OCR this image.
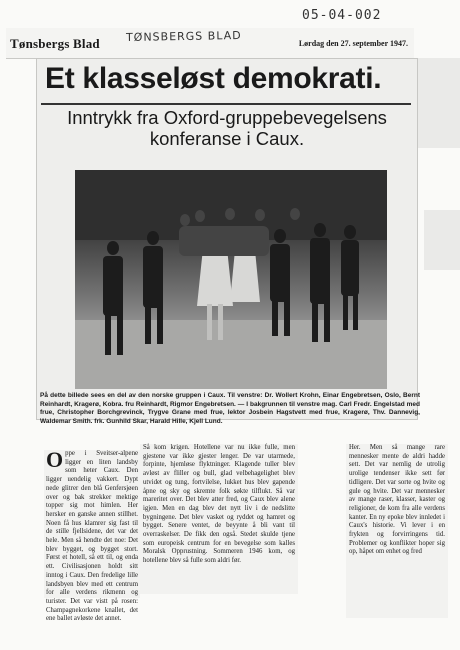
05-04-002
Tønsbergs Blad TØNSBERGS BLAD	Lørdag den 27. september 1947.
Et klasseløst demokrati.
Inntrykk fra Oxford-gruppebevegelsens konferanse i Caux.
På dette billede sees en del av den norske gruppen i Caux. Til venstre: Dr. Wollert Krohn, Einar Engebretsen, Oslo, Bernt Reinhardt, Kragerø, Kobra. fru Reinhardt, Rigmor Engebretsen. — I bakgrunnen til venstre mag. Carl Fredr. Engelstad med frue, Christopher Borchgrevinck, Trygve Grane med frue, lektor Josbein Hagstvett med frue, Kragerø, Thv. Dannevig, Waldemar Smith. frk. Gunhild Skar, Harald Hille, Kjell Lund.

Oppe i Sveitser-alpene ligger en liten landsby som heter Caux. Den ligger uendelig vakkert. Dypt nede glitrer den blå Genfersjøen over og bak strekker mektige topper sig mot himlen. Her hersker en ganske annen stillhet. Noen få hus klamrer sig fast til de stille fjellsidene, det var det hele. Men så hendte det noe: Det blev bygget, og bygget stort. Først et hotell, så ett til, og enda ett. Civilisasjonen holdt sitt inntog i Caux. Den fredelige lille landsbyen blev med ett centrum for alle verdens rikmenn og turister. Det var vistt på rosen: Champagnekorkene knallet, det ene ballet avløste det annet.

Så kom krigen. Hotellene var nu ikke fulle, men gjestene var ikke gjester lenger. De var utarmede, forpinte, hjemløse flyktninger. Klagende tuller blev avløst av fliller og bull, glad velbehagelighet blev utvidet og tung, fortvilelse, lukket hus blev gapende åpne og sky og skremte folk søkte tilflukt. Så var mareritet over. Det blev atter fred, og Caux blev alene igjen. Men en dag blev det nytt liv i de nedslitte bygningene. Det blev vasket og ryddet og hamret og bygget. Senere ventet, de beyynte å bli vant til overraskelser. De fikk den også. Stedet skulde tjene som europeisk centrum for en bevegelse som kalles Moralsk Opprustning. Sommeren 1946 kom, og hotellene blev så fulle som aldri før.

Her. Men så mange rare mennesker mente de aldri hadde sett. Det var nemlig de utrolig urolige tendenser ikke sett før tidligere. Det var sorte og hvite og gule og hvite. Det var mennesker av mange raser, klasser, kaster og religioner, de kom fra alle verdens kanter. En ny epoke blev innledet i Caux's historie. Vi lever i en frykten og forvirringens tid. Problemer og konflikter hoper sig op, håpet om enhet og fred
